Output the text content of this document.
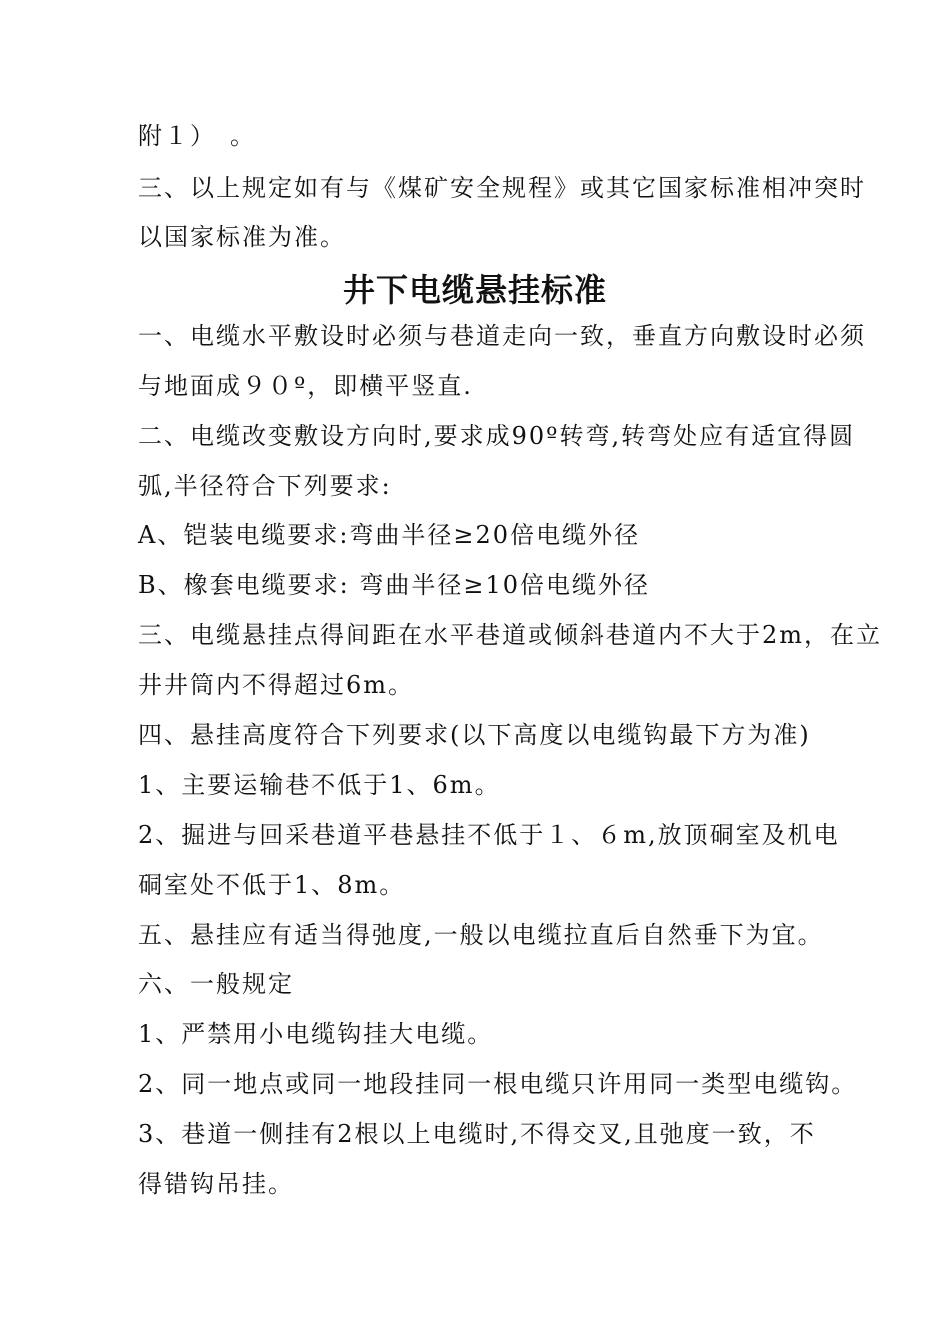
附１）　。
三、以上规定如有与《煤矿安全规程》或其它国家标准相冲突时
以国家标准为准。
井下电缆悬挂标准
一、电缆水平敷设时必须与巷道走向一致，垂直方向敷设时必须
与地面成９０º，即横平竖直.
二、电缆改变敷设方向时,要求成90º转弯,转弯处应有适宜得圆
弧,半径符合下列要求:
A、铠装电缆要求:弯曲半径≥20倍电缆外径
B、橡套电缆要求: 弯曲半径≥10倍电缆外径
三、电缆悬挂点得间距在水平巷道或倾斜巷道内不大于2m，在立
井井筒内不得超过6m。
四、悬挂高度符合下列要求(以下高度以电缆钩最下方为准)
1、主要运输巷不低于1、6m。
2、掘进与回采巷道平巷悬挂不低于１、６m,放顶硐室及机电
硐室处不低于1、8m。
五、悬挂应有适当得弛度,一般以电缆拉直后自然垂下为宜。
六、一般规定
1、严禁用小电缆钩挂大电缆。
2、同一地点或同一地段挂同一根电缆只许用同一类型电缆钩。
3、巷道一侧挂有2根以上电缆时,不得交叉,且弛度一致，不
得错钩吊挂。
